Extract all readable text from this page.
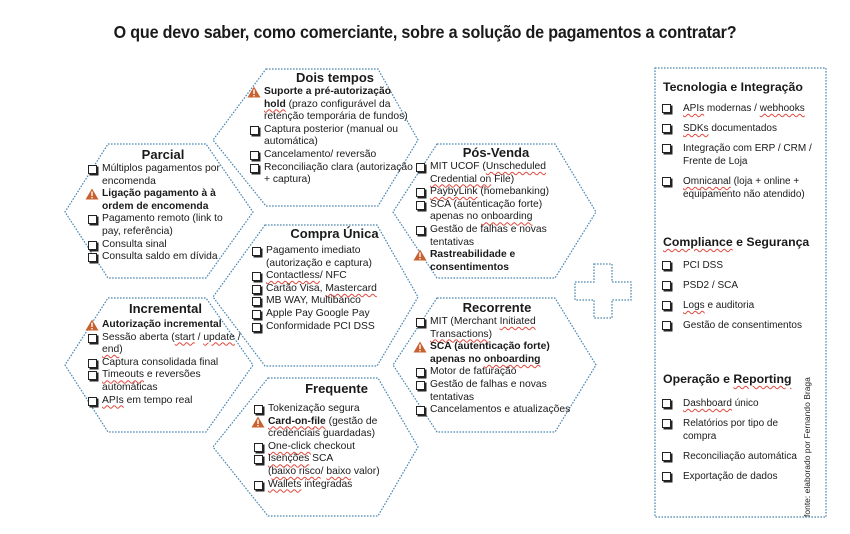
O que devo saber, como comerciante, sobre a solução de pagamentos a contratar?
Dois tempos
Suporte a pré-autorização
hold (prazo configurável da retenção temporária de fundos)
Captura posterior (manual ou automática)
Cancelamento/ reversão
Reconciliação clara (autorização + captura)
Parcial
Múltiplos pagamentos por encomenda
Ligação pagamento à à ordem de encomenda
Pagamento remoto (link to pay, referência)
Consulta sinal
Consulta saldo em dívida
Pós-Venda
MIT UCOF (Unscheduled Credential on File)
PaybyLink (homebanking)
SCA (autenticação forte) apenas no onboarding
Gestão de falhas e novas tentativas
Rastreabilidade e consentimentos
Compra Única
Pagamento imediato (autorização e captura)
Contactless/ NFC
Cartão Visa, Mastercard
MB WAY, Multibanco
Apple Pay Google Pay
Conformidade PCI DSS
Incremental
Autorização incremental
Sessão aberta (start / update / end)
Captura consolidada final
Timeouts e reversões automáticas
APIs em tempo real
Recorrente
MIT (Merchant Initiated Transactions)
SCA (autenticação forte) apenas no onboarding
Motor de faturação
Gestão de falhas e novas tentativas
Cancelamentos e atualizações
Frequente
Tokenização segura
Card-on-file (gestão de credenciais guardadas)
One-click checkout
Isenções SCA
(baixo risco/ baixo valor)
Wallets integradas
Tecnologia e Integração
APIs modernas / webhooks
SDKs documentados
Integração com ERP / CRM / Frente de Loja
Omnicanal (loja + online + equipamento não atendido)
Compliance e Segurança
PCI DSS
PSD2 / SCA
Logs e auditoria
Gestão de consentimentos
Operação e Reporting
Dashboard único
Relatórios por tipo de compra
Reconciliação automática
Exportação de dados	fonte: elaborado por Fernando Braga
